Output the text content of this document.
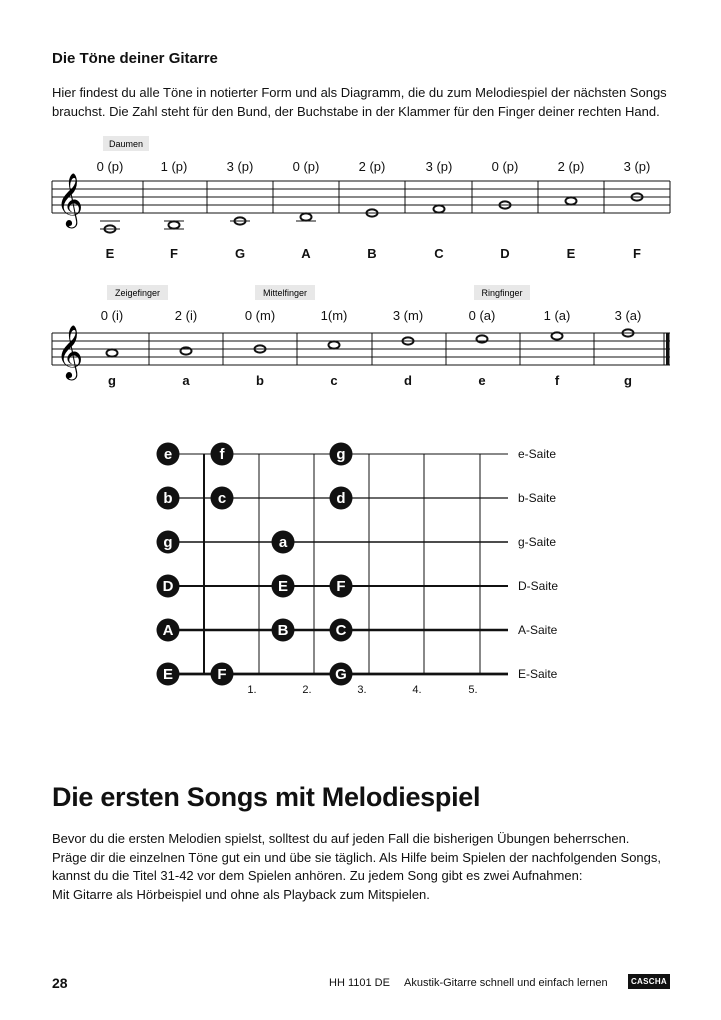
Die Töne deiner Gitarre

Hier findest du alle Töne in notierter Form und als Diagramm, die du zum Melodiespiel der nächsten Songs

brauchst. Die Zahl steht für den Bund, der Buchstabe in der Klammer für den Finger deiner rechten Hand.

𝄞
Daumen
0 (p)	1 (p)	3 (p)	0 (p)	2 (p)	3 (p)	0 (p)	2 (p)	3 (p)
E	F	G	A	B	C	D	E	F
𝄞
Zeigefinger	Mittelfinger	Ringfinger
0 (i)	2 (i)	0 (m)	1(m)	3 (m)	0 (a)	1 (a)	3 (a)
g	a	b	c	d	e	f	g
e
b
g
D
A
E
f	g
c	d
a
E	F
B	C
F	G
e-Saite
b-Saite
g-Saite
D-Saite
A-Saite
E-Saite
1.	2.	3.	4.	5.
Die ersten Songs mit Melodiespiel

Bevor du die ersten Melodien spielst, solltest du auf jeden Fall die bisherigen Übungen beherrschen.

Präge dir die einzelnen Töne gut ein und übe sie täglich. Als Hilfe beim Spielen der nachfolgenden Songs,

kannst du die Titel 31-42 vor dem Spielen anhören. Zu jedem Song gibt es zwei Aufnahmen:

Mit Gitarre als Hörbeispiel und ohne als Playback zum Mitspielen.

28	HH 1101 DE Akustik-Gitarre schnell und einfach lernen	CASCHA
